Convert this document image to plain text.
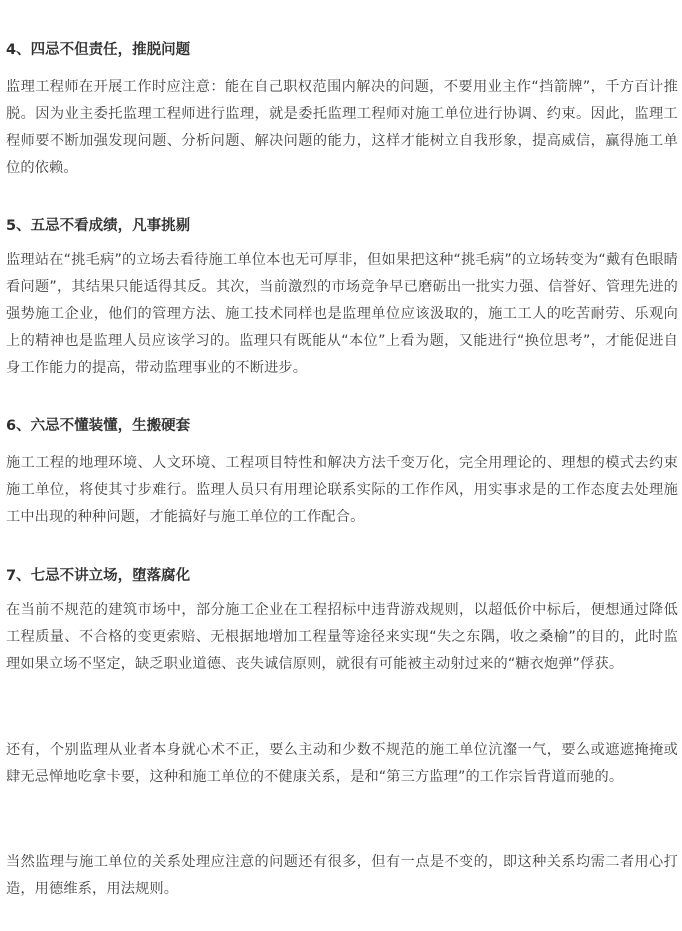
4、四忌不但责任，推脱问题

监理工程师在开展工作时应注意：能在自己职权范围内解决的问题，不要用业主作“挡箭牌”，千方百计推脱。因为业主委托监理工程师进行监理，就是委托监理工程师对施工单位进行协调、约束。因此，监理工程师要不断加强发现问题、分析问题、解决问题的能力，这样才能树立自我形象，提高威信，赢得施工单位的依赖。

5、五忌不看成绩，凡事挑剔

监理站在“挑毛病”的立场去看待施工单位本也无可厚非，但如果把这种“挑毛病”的立场转变为“戴有色眼睛看问题”，其结果只能适得其反。其次，当前激烈的市场竞争早已磨砺出一批实力强、信誉好、管理先进的强势施工企业，他们的管理方法、施工技术同样也是监理单位应该汲取的，施工工人的吃苦耐劳、乐观向上的精神也是监理人员应该学习的。监理只有既能从“本位”上看为题，又能进行“换位思考”，才能促进自身工作能力的提高，带动监理事业的不断进步。

6、六忌不懂装懂，生搬硬套

施工工程的地理环境、人文环境、工程项目特性和解决方法千变万化，完全用理论的、理想的模式去约束施工单位，将使其寸步难行。监理人员只有用理论联系实际的工作作风，用实事求是的工作态度去处理施工中出现的种种问题，才能搞好与施工单位的工作配合。

7、七忌不讲立场，堕落腐化

在当前不规范的建筑市场中，部分施工企业在工程招标中违背游戏规则，以超低价中标后，便想通过降低工程质量、不合格的变更索赔、无根据地增加工程量等途径来实现“失之东隅，收之桑榆”的目的，此时监理如果立场不坚定，缺乏职业道德、丧失诚信原则，就很有可能被主动射过来的“糖衣炮弹”俘获。

还有，个别监理从业者本身就心术不正，要么主动和少数不规范的施工单位沆瀣一气，要么或遮遮掩掩或肆无忌惮地吃拿卡要，这种和施工单位的不健康关系，是和“第三方监理”的工作宗旨背道而驰的。

当然监理与施工单位的关系处理应注意的问题还有很多，但有一点是不变的，即这种关系均需二者用心打造，用德维系，用法规则。
